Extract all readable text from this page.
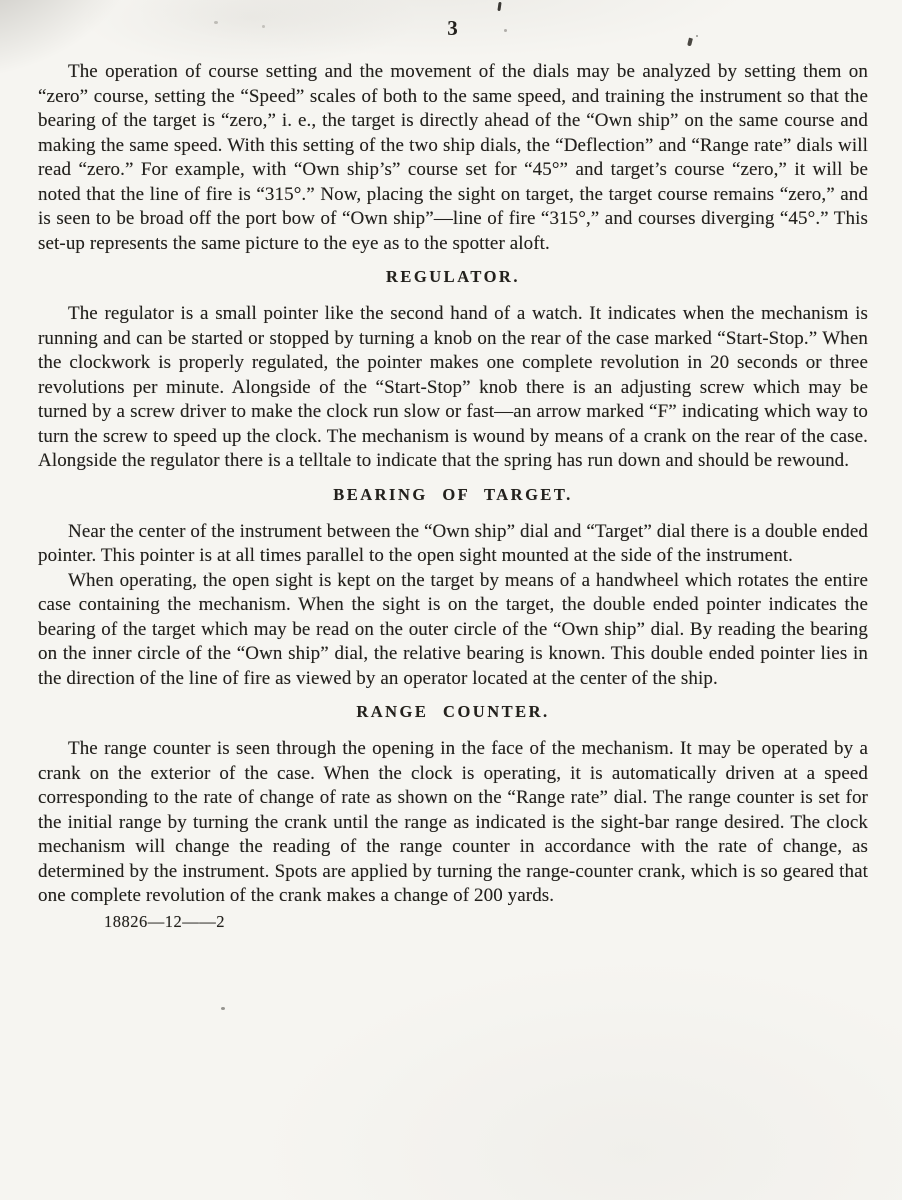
3

The operation of course setting and the movement of the dials may be analyzed by setting them on “zero” course, setting the “Speed” scales of both to the same speed, and training the instrument so that the bearing of the target is “zero,” i. e., the target is directly ahead of the “Own ship” on the same course and making the same speed. With this setting of the two ship dials, the “Deflection” and “Range rate” dials will read “zero.” For example, with “Own ship’s” course set for “45°” and target’s course “zero,” it will be noted that the line of fire is “315°.” Now, placing the sight on target, the target course remains “zero,” and is seen to be broad off the port bow of “Own ship”—line of fire “315°,” and courses diverging “45°.” This set-up represents the same picture to the eye as to the spotter aloft.

REGULATOR.

The regulator is a small pointer like the second hand of a watch. It indicates when the mechanism is running and can be started or stopped by turning a knob on the rear of the case marked “Start-Stop.” When the clockwork is properly regulated, the pointer makes one complete revolution in 20 seconds or three revolutions per minute. Alongside of the “Start-Stop” knob there is an adjusting screw which may be turned by a screw driver to make the clock run slow or fast—an arrow marked “F” indicating which way to turn the screw to speed up the clock. The mechanism is wound by means of a crank on the rear of the case. Alongside the regulator there is a telltale to indicate that the spring has run down and should be rewound.

BEARING OF TARGET.

Near the center of the instrument between the “Own ship” dial and “Target” dial there is a double ended pointer. This pointer is at all times parallel to the open sight mounted at the side of the instrument.

When operating, the open sight is kept on the target by means of a handwheel which rotates the entire case containing the mechanism. When the sight is on the target, the double ended pointer indicates the bearing of the target which may be read on the outer circle of the “Own ship” dial. By reading the bearing on the inner circle of the “Own ship” dial, the relative bearing is known. This double ended pointer lies in the direction of the line of fire as viewed by an operator located at the center of the ship.

RANGE COUNTER.

The range counter is seen through the opening in the face of the mechanism. It may be operated by a crank on the exterior of the case. When the clock is operating, it is automatically driven at a speed corresponding to the rate of change of rate as shown on the “Range rate” dial. The range counter is set for the initial range by turning the crank until the range as indicated is the sight-bar range desired. The clock mechanism will change the reading of the range counter in accordance with the rate of change, as determined by the instrument. Spots are applied by turning the range-counter crank, which is so geared that one complete revolution of the crank makes a change of 200 yards.

18826—12——2
